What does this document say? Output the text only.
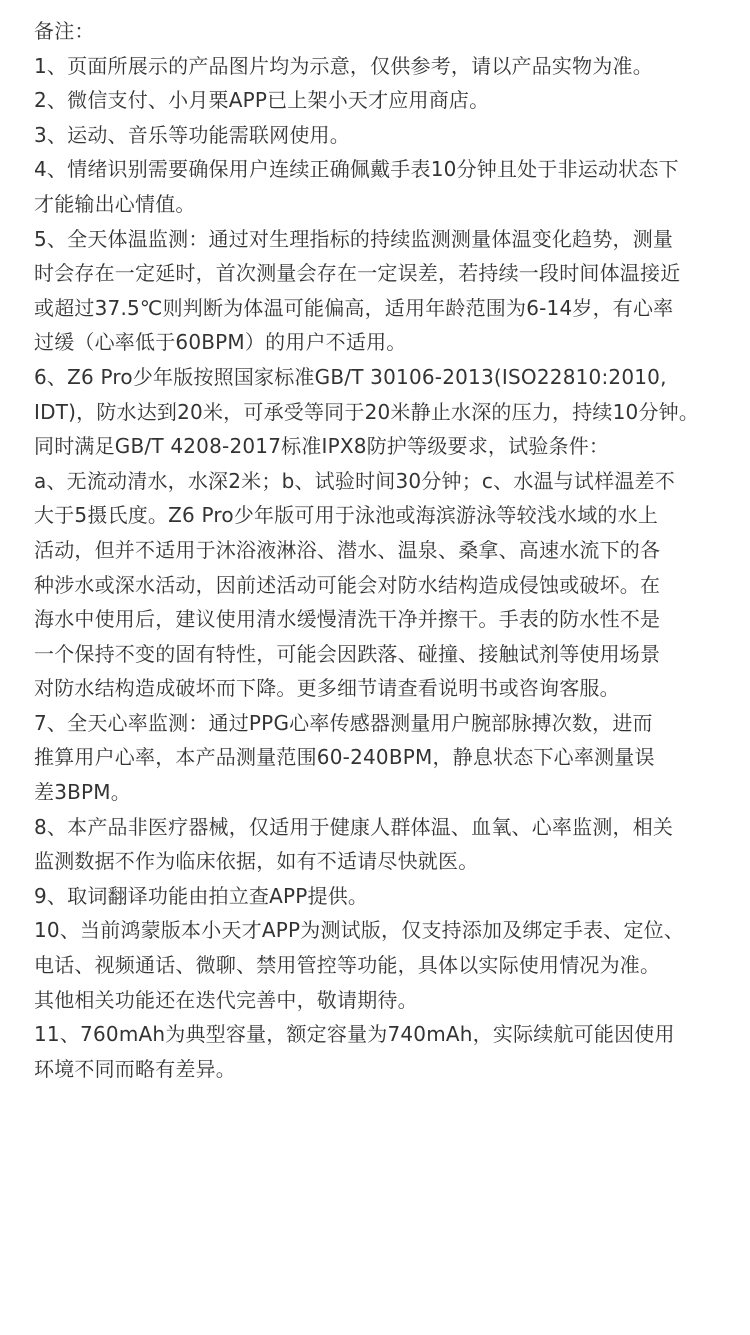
备注：

1、页面所展示的产品图片均为示意，仅供参考，请以产品实物为准。

2、微信支付、小月栗APP已上架小天才应用商店。

3、运动、音乐等功能需联网使用。

4、情绪识别需要确保用户连续正确佩戴手表10分钟且处于非运动状态下
才能输出心情值。

5、全天体温监测：通过对生理指标的持续监测测量体温变化趋势，测量
时会存在一定延时，首次测量会存在一定误差，若持续一段时间体温接近
或超过37.5℃则判断为体温可能偏高，适用年龄范围为6-14岁，有心率
过缓（心率低于60BPM）的用户不适用。

6、Z6 Pro少年版按照国家标准GB/T 30106-2013(ISO22810:2010,
IDT)，防水达到20米，可承受等同于20米静止水深的压力，持续10分钟。
同时满足GB/T 4208-2017标准IPX8防护等级要求，试验条件：
a、无流动清水，水深2米；b、试验时间30分钟；c、水温与试样温差不
大于5摄氏度。Z6 Pro少年版可用于泳池或海滨游泳等较浅水域的水上
活动，但并不适用于沐浴液淋浴、潜水、温泉、桑拿、高速水流下的各
种涉水或深水活动，因前述活动可能会对防水结构造成侵蚀或破坏。在
海水中使用后，建议使用清水缓慢清洗干净并擦干。手表的防水性不是
一个保持不变的固有特性，可能会因跌落、碰撞、接触试剂等使用场景
对防水结构造成破坏而下降。更多细节请查看说明书或咨询客服。

7、全天心率监测：通过PPG心率传感器测量用户腕部脉搏次数，进而
推算用户心率，本产品测量范围60-240BPM，静息状态下心率测量误
差3BPM。

8、本产品非医疗器械，仅适用于健康人群体温、血氧、心率监测，相关
监测数据不作为临床依据，如有不适请尽快就医。

9、取词翻译功能由拍立查APP提供。

10、当前鸿蒙版本小天才APP为测试版，仅支持添加及绑定手表、定位、
电话、视频通话、微聊、禁用管控等功能，具体以实际使用情况为准。
其他相关功能还在迭代完善中，敬请期待。

11、760mAh为典型容量，额定容量为740mAh，实际续航可能因使用
环境不同而略有差异。
